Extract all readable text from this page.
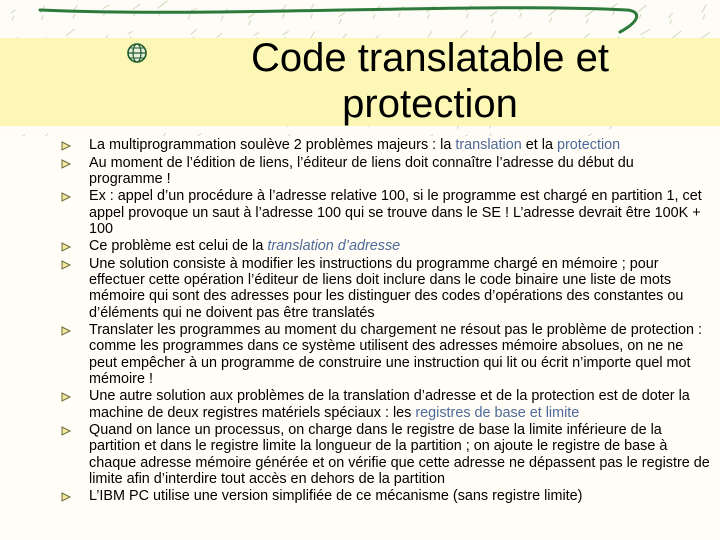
Code translatable et protection
La multiprogrammation soulève 2 problèmes majeurs : la translation et la protection
Au moment de l’édition de liens, l’éditeur de liens doit connaître l’adresse du début du programme !
Ex : appel d’un procédure à l’adresse relative 100, si le programme est chargé en partition 1, cet appel provoque un saut à l’adresse 100 qui se trouve dans le SE ! L’adresse devrait être 100K + 100
Ce problème est celui de la translation d’adresse
Une solution consiste à modifier les instructions du programme chargé en mémoire ; pour effectuer cette opération l’éditeur de liens doit inclure dans le code binaire une liste de mots mémoire qui sont des adresses pour les distinguer des codes d’opérations des constantes ou d’éléments qui ne doivent pas être translatés
Translater les programmes au moment du chargement ne résout pas le problème de protection : comme les programmes dans ce système utilisent des adresses mémoire absolues, on ne ne peut empêcher à un programme de construire une instruction qui lit ou écrit n’importe quel mot mémoire !
Une autre solution aux problèmes de la translation d’adresse et de la protection est de doter la machine de deux registres matériels spéciaux : les registres de base et limite
Quand on lance un processus, on charge dans le registre de base la limite inférieure de la partition et dans le registre limite la longueur de la partition ; on ajoute le registre de base à chaque adresse mémoire générée et on vérifie que cette adresse ne dépassent pas le registre de limite afin d’interdire tout accès en dehors de la partition
L’IBM PC utilise une version simplifiée de ce mécanisme (sans registre limite)
